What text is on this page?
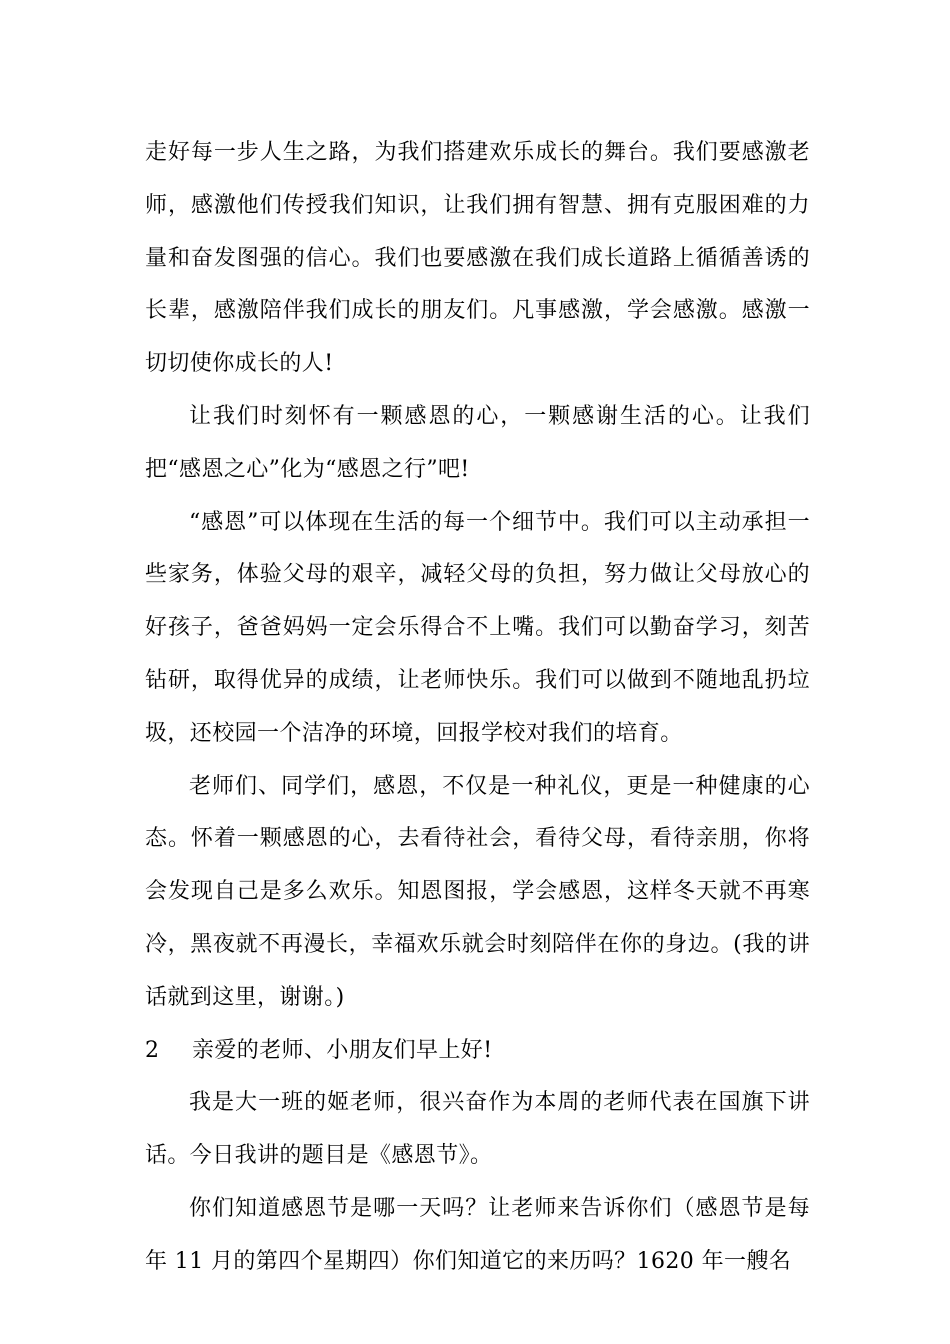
走好每一步人生之路，为我们搭建欢乐成长的舞台。我们要感激老师，感激他们传授我们知识，让我们拥有智慧、拥有克服困难的力量和奋发图强的信心。我们也要感激在我们成长道路上循循善诱的长辈，感激陪伴我们成长的朋友们。凡事感激，学会感激。感激一切切使你成长的人!

让我们时刻怀有一颗感恩的心，一颗感谢生活的心。让我们把“感恩之心”化为“感恩之行”吧!

“感恩”可以体现在生活的每一个细节中。我们可以主动承担一些家务，体验父母的艰辛，减轻父母的负担，努力做让父母放心的好孩子，爸爸妈妈一定会乐得合不上嘴。我们可以勤奋学习，刻苦钻研，取得优异的成绩，让老师快乐。我们可以做到不随地乱扔垃圾，还校园一个洁净的环境，回报学校对我们的培育。

老师们、同学们，感恩，不仅是一种礼仪，更是一种健康的心态。怀着一颗感恩的心，去看待社会，看待父母，看待亲朋，你将会发现自己是多么欢乐。知恩图报，学会感恩，这样冬天就不再寒冷，黑夜就不再漫长，幸福欢乐就会时刻陪伴在你的身边。(我的讲话就到这里，谢谢。)

2 亲爱的老师、小朋友们早上好!

我是大一班的姬老师，很兴奋作为本周的老师代表在国旗下讲话。今日我讲的题目是《感恩节》。

你们知道感恩节是哪一天吗？让老师来告诉你们（感恩节是每年 11 月的第四个星期四）你们知道它的来历吗？1620 年一艘名
